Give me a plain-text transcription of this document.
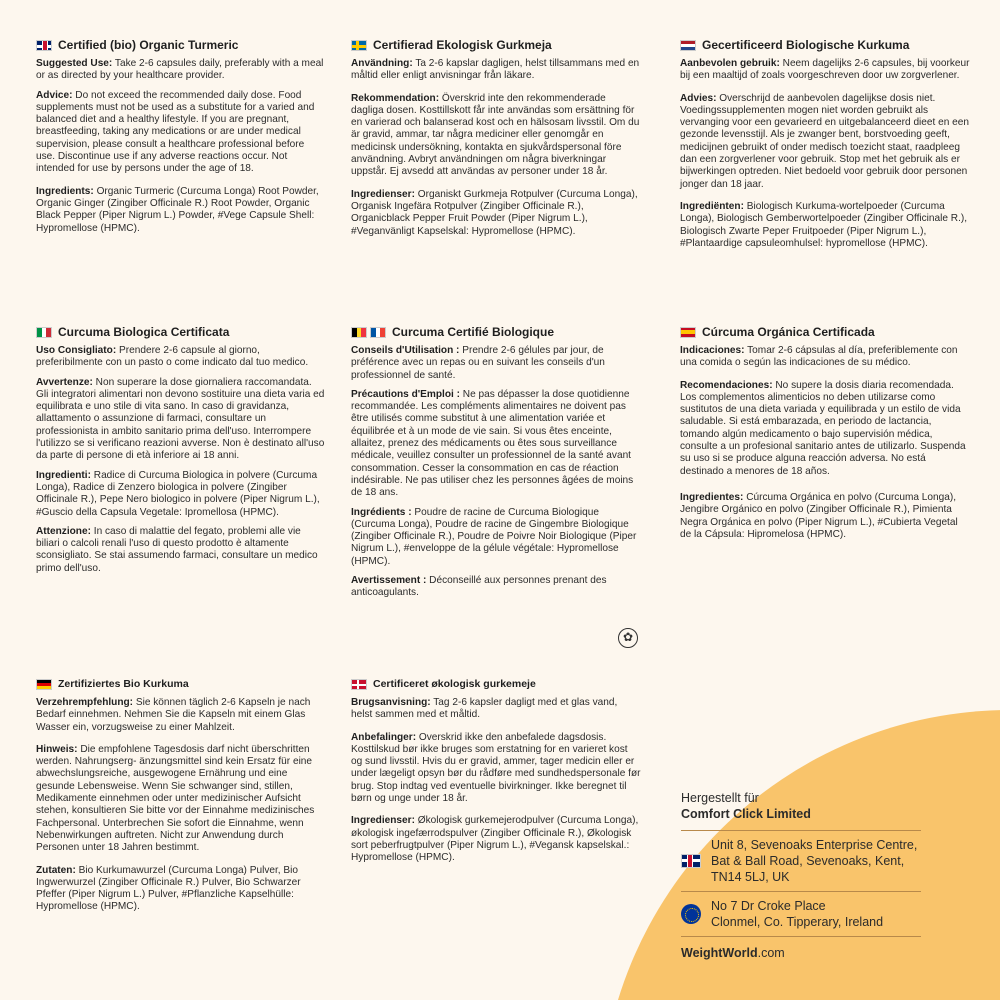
Certified (bio) Organic Turmeric

Suggested Use: Take 2-6 capsules daily, preferably with a meal or as directed by your healthcare provider.

Advice: Do not exceed the recommended daily dose. Food supplements must not be used as a substitute for a varied and balanced diet and a healthy lifestyle. If you are pregnant, breastfeeding, taking any medications or are under medical supervision, please consult a healthcare professional before use. Discontinue use if any adverse reactions occur. Not intended for use by persons under the age of 18.

Ingredients: Organic Turmeric (Curcuma Longa) Root Powder, Organic Ginger (Zingiber Officinale R.) Root Powder, Organic Black Pepper (Piper Nigrum L.) Powder, #Vege Capsule Shell: Hypromellose (HPMC).

Certifierad Ekologisk Gurkmeja

Användning: Ta 2-6 kapslar dagligen, helst tillsammans med en måltid eller enligt anvisningar från läkare.

Rekommendation: Överskrid inte den rekommenderade dagliga dosen. Kosttillskott får inte användas som ersättning för en varierad och balanserad kost och en hälsosam livsstil. Om du är gravid, ammar, tar några mediciner eller genomgår en medicinsk undersökning, kontakta en sjukvårdspersonal före användning. Avbryt användningen om några biverkningar uppstår. Ej avsedd att användas av personer under 18 år.

Ingredienser: Organiskt Gurkmeja Rotpulver (Curcuma Longa), Organisk Ingefära Rotpulver (Zingiber Officinale R.), Organicblack Pepper Fruit Powder (Piper Nigrum L.), #Veganvänligt Kapselskal: Hypromellose (HPMC).

Gecertificeerd Biologische Kurkuma

Aanbevolen gebruik: Neem dagelijks 2-6 capsules, bij voorkeur bij een maaltijd of zoals voorgeschreven door uw zorgverlener.

Advies: Overschrijd de aanbevolen dagelijkse dosis niet. Voedingssupplementen mogen niet worden gebruikt als vervanging voor een gevarieerd en uitgebalanceerd dieet en een gezonde levensstijl. Als je zwanger bent, borstvoeding geeft, medicijnen gebruikt of onder medisch toezicht staat, raadpleeg dan een zorgverlener voor gebruik. Stop met het gebruik als er bijwerkingen optreden. Niet bedoeld voor gebruik door personen jonger dan 18 jaar.

Ingrediënten: Biologisch Kurkuma-wortelpoeder (Curcuma Longa), Biologisch Gemberwortelpoeder (Zingiber Officinale R.), Biologisch Zwarte Peper Fruitpoeder (Piper Nigrum L.), #Plantaardige capsuleomhulsel: hypromellose (HPMC).

Curcuma Biologica Certificata

Uso Consigliato: Prendere 2-6 capsule al giorno, preferibilmente con un pasto o come indicato dal tuo medico.

Avvertenze: Non superare la dose giornaliera raccomandata. Gli integratori alimentari non devono sostituire una dieta varia ed equilibrata e uno stile di vita sano. In caso di gravidanza, allattamento o assunzione di farmaci, consultare un professionista in ambito sanitario prima dell'uso. Interrompere l'utilizzo se si verificano reazioni avverse. Non è destinato all'uso da parte di persone di età inferiore ai 18 anni.

Ingredienti: Radice di Curcuma Biologica in polvere (Curcuma Longa), Radice di Zenzero biologica in polvere (Zingiber Officinale R.), Pepe Nero biologico in polvere (Piper Nigrum L.), #Guscio della Capsula Vegetale: Ipromellosa (HPMC).

Attenzione: In caso di malattie del fegato, problemi alle vie biliari o calcoli renali l'uso di questo prodotto è altamente sconsigliato. Se stai assumendo farmaci, consultare un medico primo dell'uso.

Curcuma Certifié Biologique

Conseils d'Utilisation : Prendre 2-6 gélules par jour, de préférence avec un repas ou en suivant les conseils d'un professionnel de santé.

Précautions d'Emploi : Ne pas dépasser la dose quotidienne recommandée. Les compléments alimentaires ne doivent pas être utilisés comme substitut à une alimentation variée et équilibrée et à un mode de vie sain. Si vous êtes enceinte, allaitez, prenez des médicaments ou êtes sous surveillance médicale, veuillez consulter un professionnel de la santé avant consommation. Cesser la consommation en cas de réaction indésirable. Ne pas utiliser chez les personnes âgées de moins de 18 ans.

Ingrédients : Poudre de racine de Curcuma Biologique (Curcuma Longa), Poudre de racine de Gingembre Biologique (Zingiber Officinale R.), Poudre de Poivre Noir Biologique (Piper Nigrum L.), #enveloppe de la gélule végétale: Hypromellose (HPMC).

Avertissement : Déconseillé aux personnes prenant des anticoagulants.

✿
Cúrcuma Orgánica Certificada

Indicaciones: Tomar 2-6 cápsulas al día, preferiblemente con una comida o según las indicaciones de su médico.

Recomendaciones: No supere la dosis diaria recomendada. Los complementos alimenticios no deben utilizarse como sustitutos de una dieta variada y equilibrada y un estilo de vida saludable. Si está embarazada, en periodo de lactancia, tomando algún medicamento o bajo supervisión médica, consulte a un profesional sanitario antes de utilizarlo. Suspenda su uso si se produce alguna reacción adversa. No está destinado a menores de 18 años.

Ingredientes: Cúrcuma Orgánica en polvo (Curcuma Longa), Jengibre Orgánico en polvo (Zingiber Officinale R.), Pimienta Negra Orgánica en polvo (Piper Nigrum L.), #Cubierta Vegetal de la Cápsula: Hipromelosa (HPMC).

Zertifiziertes Bio Kurkuma

Verzehrempfehlung: Sie können täglich 2-6 Kapseln je nach Bedarf einnehmen. Nehmen Sie die Kapseln mit einem Glas Wasser ein, vorzugsweise zu einer Mahlzeit.

Hinweis: Die empfohlene Tagesdosis darf nicht überschritten werden. Nahrungserg- änzungsmittel sind kein Ersatz für eine abwechslungsreiche, ausgewogene Ernährung und eine gesunde Lebensweise. Wenn Sie schwanger sind, stillen, Medikamente einnehmen oder unter medizinischer Aufsicht stehen, konsultieren Sie bitte vor der Einnahme medizinisches Fachpersonal. Unterbrechen Sie sofort die Einnahme, wenn Nebenwirkungen auftreten. Nicht zur Anwendung durch Personen unter 18 Jahren bestimmt.

Zutaten: Bio Kurkumawurzel (Curcuma Longa) Pulver, Bio Ingwerwurzel (Zingiber Officinale R.) Pulver, Bio Schwarzer Pfeffer (Piper Nigrum L.) Pulver, #Pflanzliche Kapselhülle: Hypromellose (HPMC).

Certificeret økologisk gurkemeje

Brugsanvisning: Tag 2-6 kapsler dagligt med et glas vand, helst sammen med et måltid.

Anbefalinger: Overskrid ikke den anbefalede dagsdosis. Kosttilskud bør ikke bruges som erstatning for en varieret kost og sund livsstil. Hvis du er gravid, ammer, tager medicin eller er under lægeligt opsyn bør du rådføre med sundhedspersonale før brug. Stop indtag ved eventuelle bivirkninger. Ikke beregnet til børn og unge under 18 år.

Ingredienser: Økologisk gurkemejerodpulver (Curcuma Longa), økologisk ingefærrodspulver (Zingiber Officinale R.), Økologisk sort peberfrugtpulver (Piper Nigrum L.), #Vegansk kapselskal.: Hypromellose (HPMC).

Hergestellt für
Comfort Click Limited
Unit 8, Sevenoaks Enterprise Centre,
Bat & Ball Road, Sevenoaks, Kent,
TN14 5LJ, UK
No 7 Dr Croke Place
Clonmel, Co. Tipperary, Ireland
WeightWorld.com
